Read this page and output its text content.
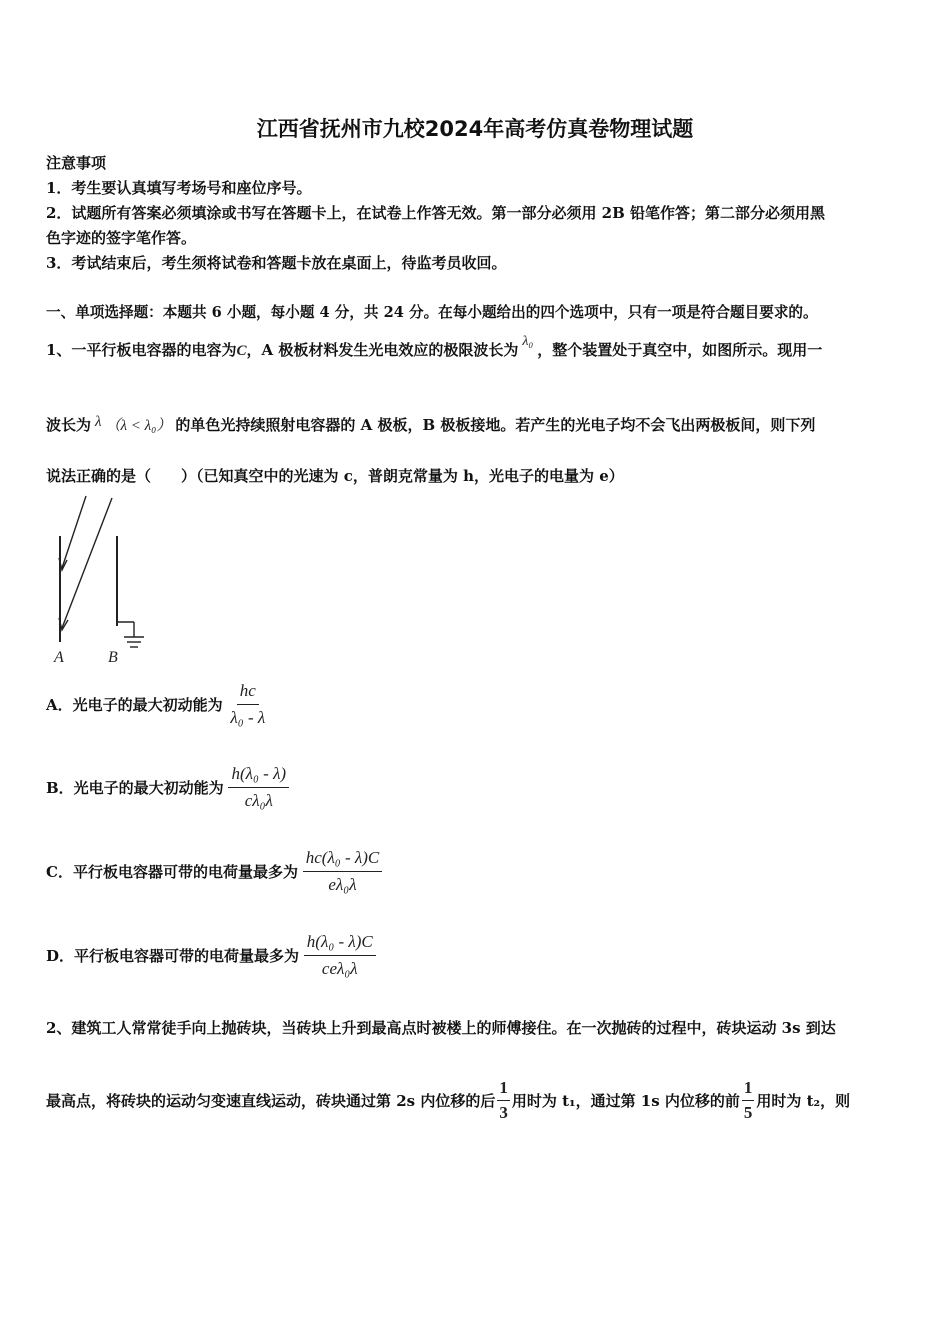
江西省抚州市九校2024年高考仿真卷物理试题
注意事项
1．考生要认真填写考场号和座位序号。
2．试题所有答案必须填涂或书写在答题卡上，在试卷上作答无效。第一部分必须用 2B 铅笔作答；第二部分必须用黑
色字迹的签字笔作答。
3．考试结束后，考生须将试卷和答题卡放在桌面上，待监考员收回。
一、单项选择题：本题共 6 小题，每小题 4 分，共 24 分。在每小题给出的四个选项中，只有一项是符合题目要求的。
1、一平行板电容器的电容为C，A 极板材料发生光电效应的极限波长为 λ₀ ，整个装置处于真空中，如图所示。现用一
波长为 λ （λ < λ₀） 的单色光持续照射电容器的 A 极板，B 极板接地。若产生的光电子均不会飞出两极板间，则下列
说法正确的是（　　）（已知真空中的光速为 c，普朗克常量为 h，光电子的电量为 e）
A	B
A．光电子的最大初动能为 $\frac{hc}{\text{λ₀ - λ}}$
B．光电子的最大初动能为 $\frac{\text{h(λ₀ - λ)}}{\text{cλ₀λ}}$
C．平行板电容器可带的电荷量最多为 $\frac{\text{hc(λ₀ - λ)C}}{\text{eλ₀λ}}$
D．平行板电容器可带的电荷量最多为 $\frac{\text{h(λ₀ - λ)C}}{\text{ceλ₀λ}}$
2、建筑工人常常徒手向上抛砖块，当砖块上升到最高点时被楼上的师傅接住。在一次抛砖的过程中，砖块运动 3s 到达
最高点，将砖块的运动匀变速直线运动，砖块通过第 2s 内位移的后 $\frac{1}{3}$ 用时为 t₁，通过第 1s 内位移的前 $\frac{1}{5}$ 用时为 t₂，则
